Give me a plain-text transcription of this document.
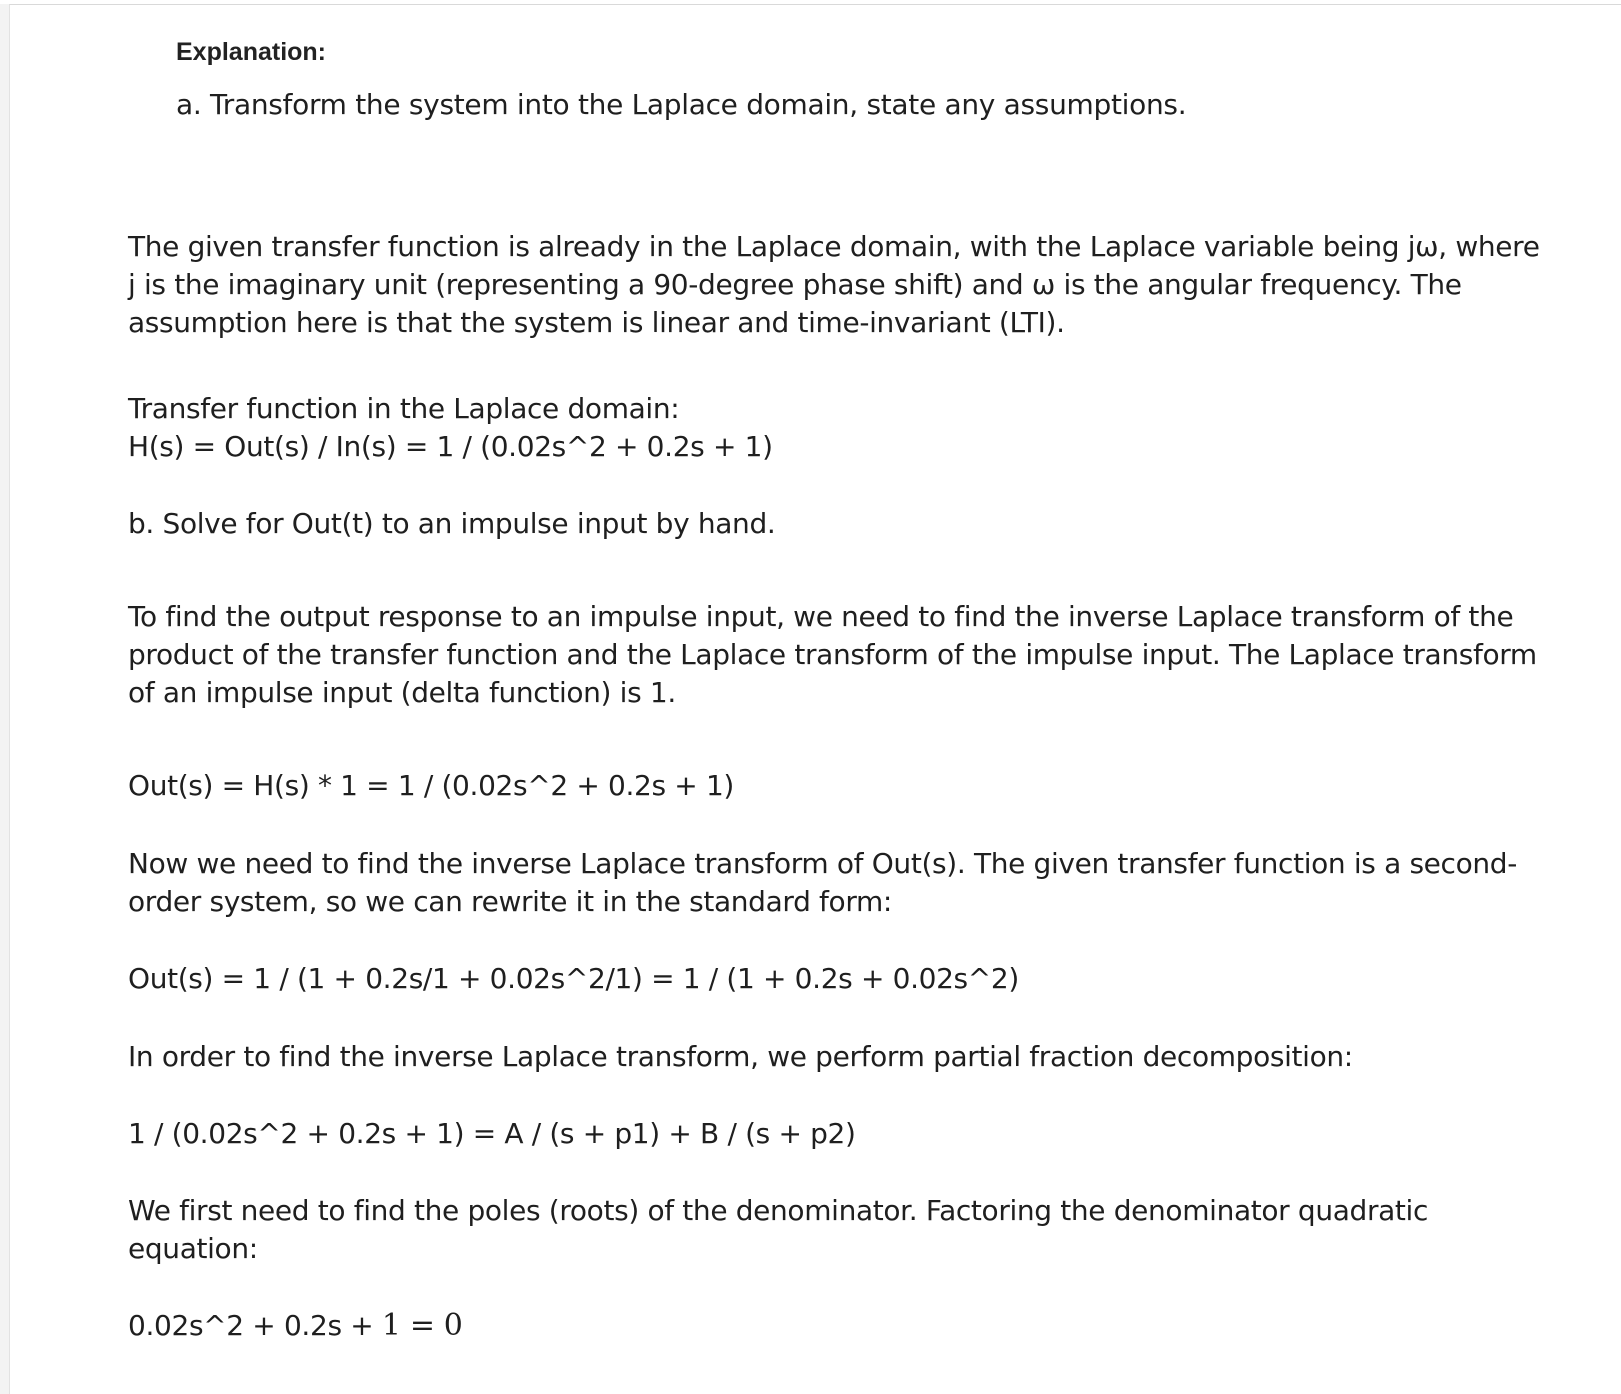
Explanation:

a. Transform the system into the Laplace domain, state any assumptions.

The given transfer function is already in the Laplace domain, with the Laplace variable being jω, where

j is the imaginary unit (representing a 90-degree phase shift) and ω is the angular frequency. The

assumption here is that the system is linear and time-invariant (LTI).

Transfer function in the Laplace domain:

H(s) = Out(s) / In(s) = 1 / (0.02s^2 + 0.2s + 1)

b. Solve for Out(t) to an impulse input by hand.

To find the output response to an impulse input, we need to find the inverse Laplace transform of the

product of the transfer function and the Laplace transform of the impulse input. The Laplace transform

of an impulse input (delta function) is 1.

Out(s) = H(s) * 1 = 1 / (0.02s^2 + 0.2s + 1)

Now we need to find the inverse Laplace transform of Out(s). The given transfer function is a second-

order system, so we can rewrite it in the standard form:

Out(s) = 1 / (1 + 0.2s/1 + 0.02s^2/1) = 1 / (1 + 0.2s + 0.02s^2)

In order to find the inverse Laplace transform, we perform partial fraction decomposition:

1 / (0.02s^2 + 0.2s + 1) = A / (s + p1) + B / (s + p2)

We first need to find the poles (roots) of the denominator. Factoring the denominator quadratic

equation:

0.02s^2 + 0.2s + 1 = 0
